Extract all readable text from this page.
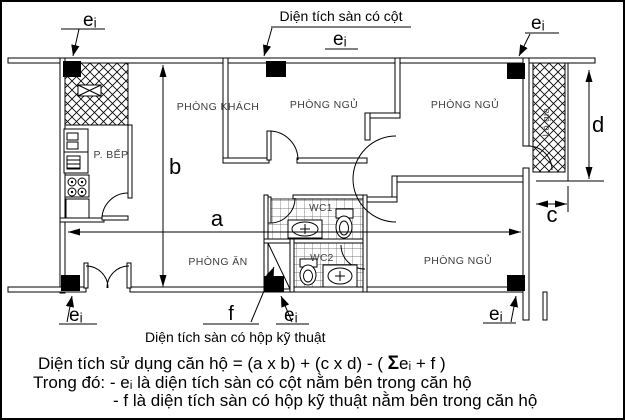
PHÒNG KHÁCH	PHÒNG NGỦ	PHÒNG NGỦ
PHÒNG NGỦ
PHÒNG ĂN
P. BẾP
WC1
WC2
Lô gia
a
b
c
d
f
eᵢ
eᵢ
eᵢ
eᵢ	eᵢ	eᵢ
Diện tích sàn có cột
Diện tích sàn có hộp kỹ thuật
Diện tích sử dụng căn hộ = (a x b) + (c x d) - ( Σeᵢ + f )
Trong đó: - eᵢ là diện tích sàn có cột nằm bên trong căn hộ
- f là diện tích sàn có hộp kỹ thuật nằm bên trong căn hộ
